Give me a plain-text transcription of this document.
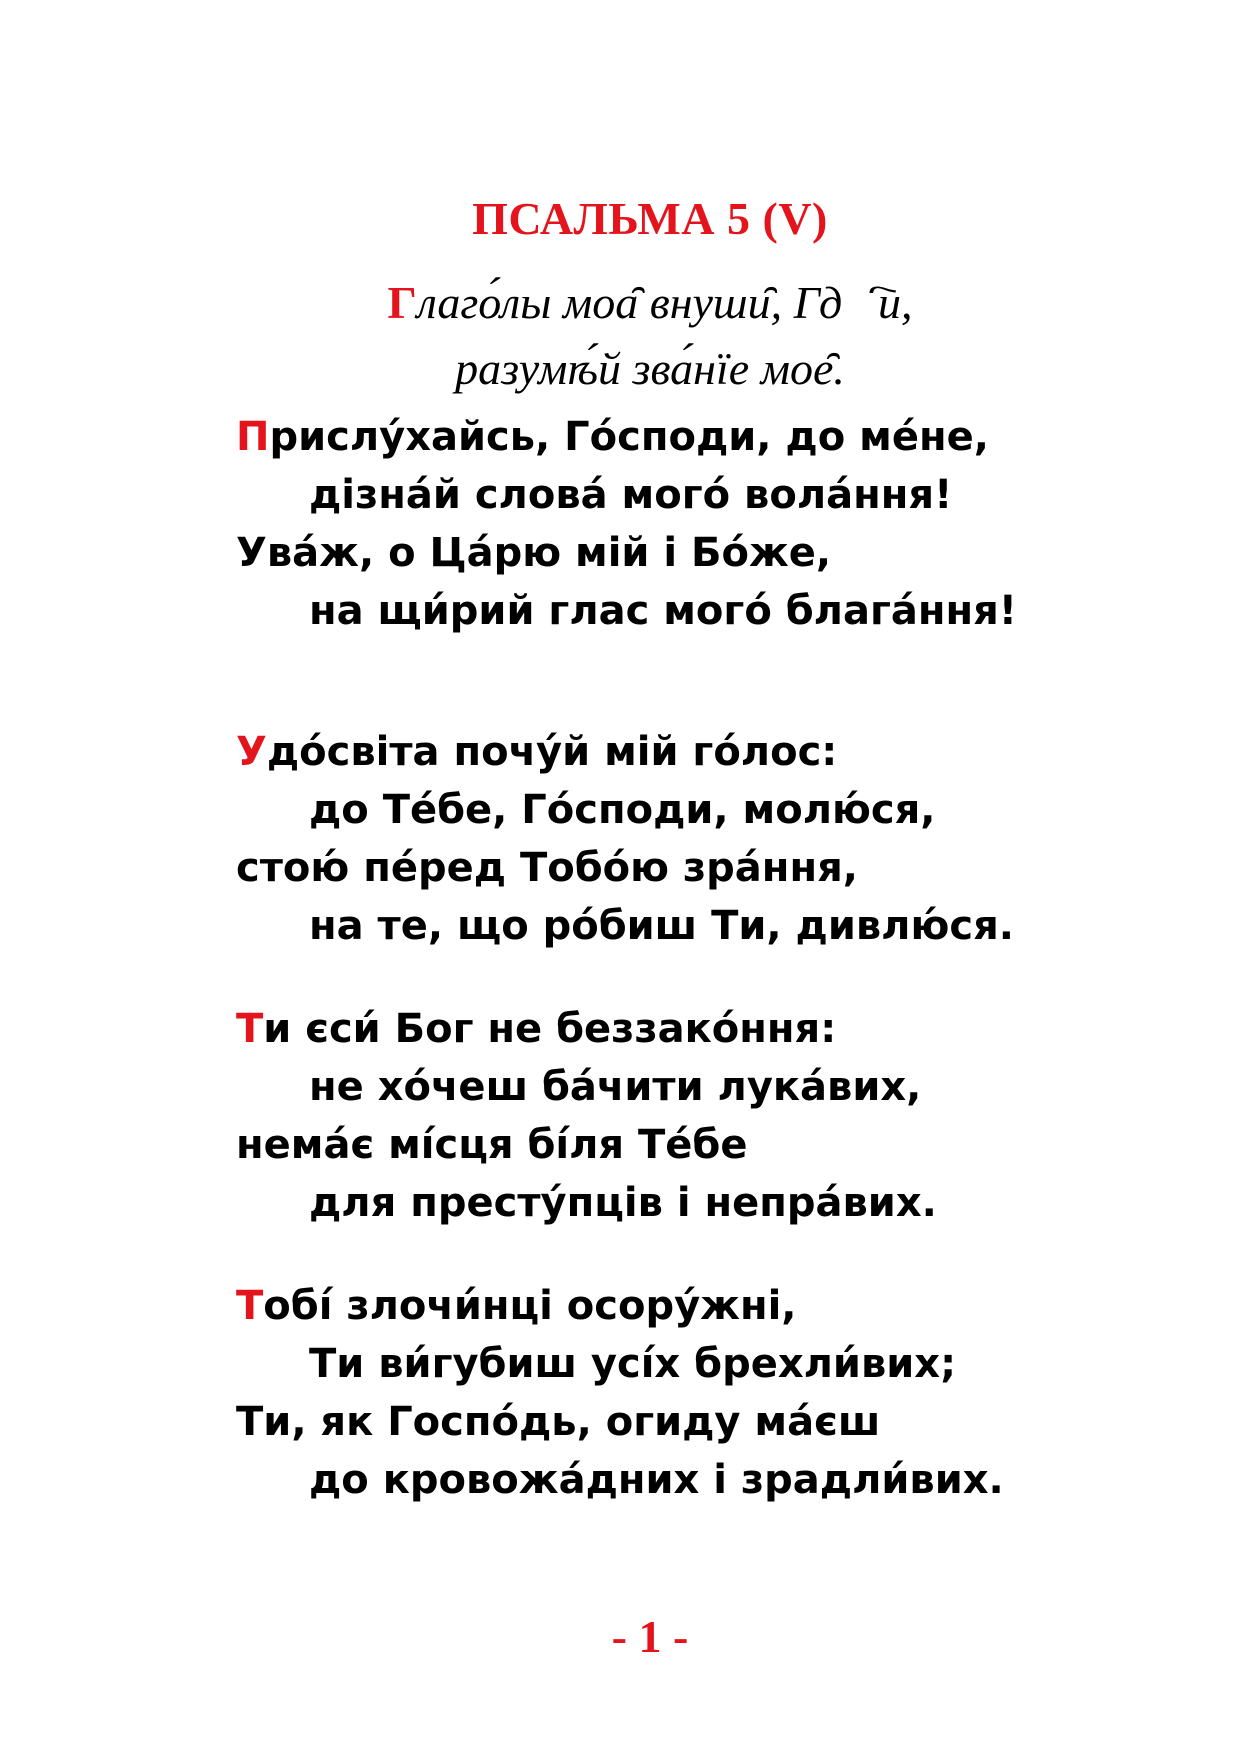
ПСАЛЬМА 5 (V)
Глаго́лы моа̑ внуши̑, Гдⷭ҇и,
разумѣ́й зва́нїе мое̑.
Прислу́хайсь, Го́споди, до ме́не,
дізна́й слова́ мого́ вола́ння!
Ува́ж, о Ца́рю мій і Бо́же,
на щи́рий глас мого́ блага́ння!
Удо́світа почу́й мій го́лос:
до Те́бе, Го́споди, молю́ся,
стою́ пе́ред Тобо́ю зра́ння,
на те, що ро́биш Ти, дивлю́ся.
Ти єси́ Бог не беззако́ння:
не хо́чеш ба́чити лука́вих,
нема́є мі́сця бі́ля Те́бе
для престу́пців і непра́вих.
Тобі́ злочи́нці осору́жні,
Ти ви́губиш усі́х брехли́вих;
Ти, як Госпо́дь, огиду ма́єш
до кровожа́дних і зрадли́вих.
- 1 -
